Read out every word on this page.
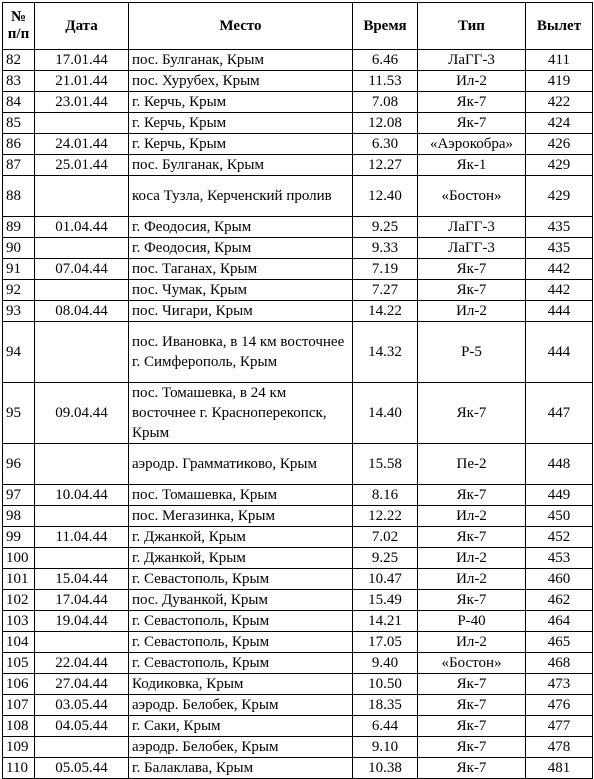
№ п/п	Дата	Место	Время	Тип	Вылет
82	17.01.44	пос. Булганак, Крым	6.46	ЛаГГ-3	411
83	21.01.44	пос. Хурубех, Крым	11.53	Ил-2	419
84	23.01.44	г. Керчь, Крым	7.08	Як-7	422
85		г. Керчь, Крым	12.08	Як-7	424
86	24.01.44	г. Керчь, Крым	6.30	«Аэрокобра»	426
87	25.01.44	пос. Булганак, Крым	12.27	Як-1	429
88		коса Тузла, Керченский пролив	12.40	«Бостон»	429
89	01.04.44	г. Феодосия, Крым	9.25	ЛаГГ-3	435
90		г. Феодосия, Крым	9.33	ЛаГГ-3	435
91	07.04.44	пос. Таганах, Крым	7.19	Як-7	442
92		пос. Чумак, Крым	7.27	Як-7	442
93	08.04.44	пос. Чигари, Крым	14.22	Ил-2	444
94		пос. Ивановка, в 14 км восточнее г. Симферополь, Крым	14.32	Р-5	444
95	09.04.44	пос. Томашевка, в 24 км восточнее г. Красноперекопск, Крым	14.40	Як-7	447
96		аэродр. Грамматиково, Крым	15.58	Пе-2	448
97	10.04.44	пос. Томашевка, Крым	8.16	Як-7	449
98		пос. Мегазинка, Крым	12.22	Ил-2	450
99	11.04.44	г. Джанкой, Крым	7.02	Як-7	452
100		г. Джанкой, Крым	9.25	Ил-2	453
101	15.04.44	г. Севастополь, Крым	10.47	Ил-2	460
102	17.04.44	пос. Дуванкой, Крым	15.49	Як-7	462
103	19.04.44	г. Севастополь, Крым	14.21	Р-40	464
104		г. Севастополь, Крым	17.05	Ил-2	465
105	22.04.44	г. Севастополь, Крым	9.40	«Бостон»	468
106	27.04.44	Кодиковка, Крым	10.50	Як-7	473
107	03.05.44	аэродр. Белобек, Крым	18.35	Як-7	476
108	04.05.44	г. Саки, Крым	6.44	Як-7	477
109		аэродр. Белобек, Крым	9.10	Як-7	478
110	05.05.44	г. Балаклава, Крым	10.38	Як-7	481
